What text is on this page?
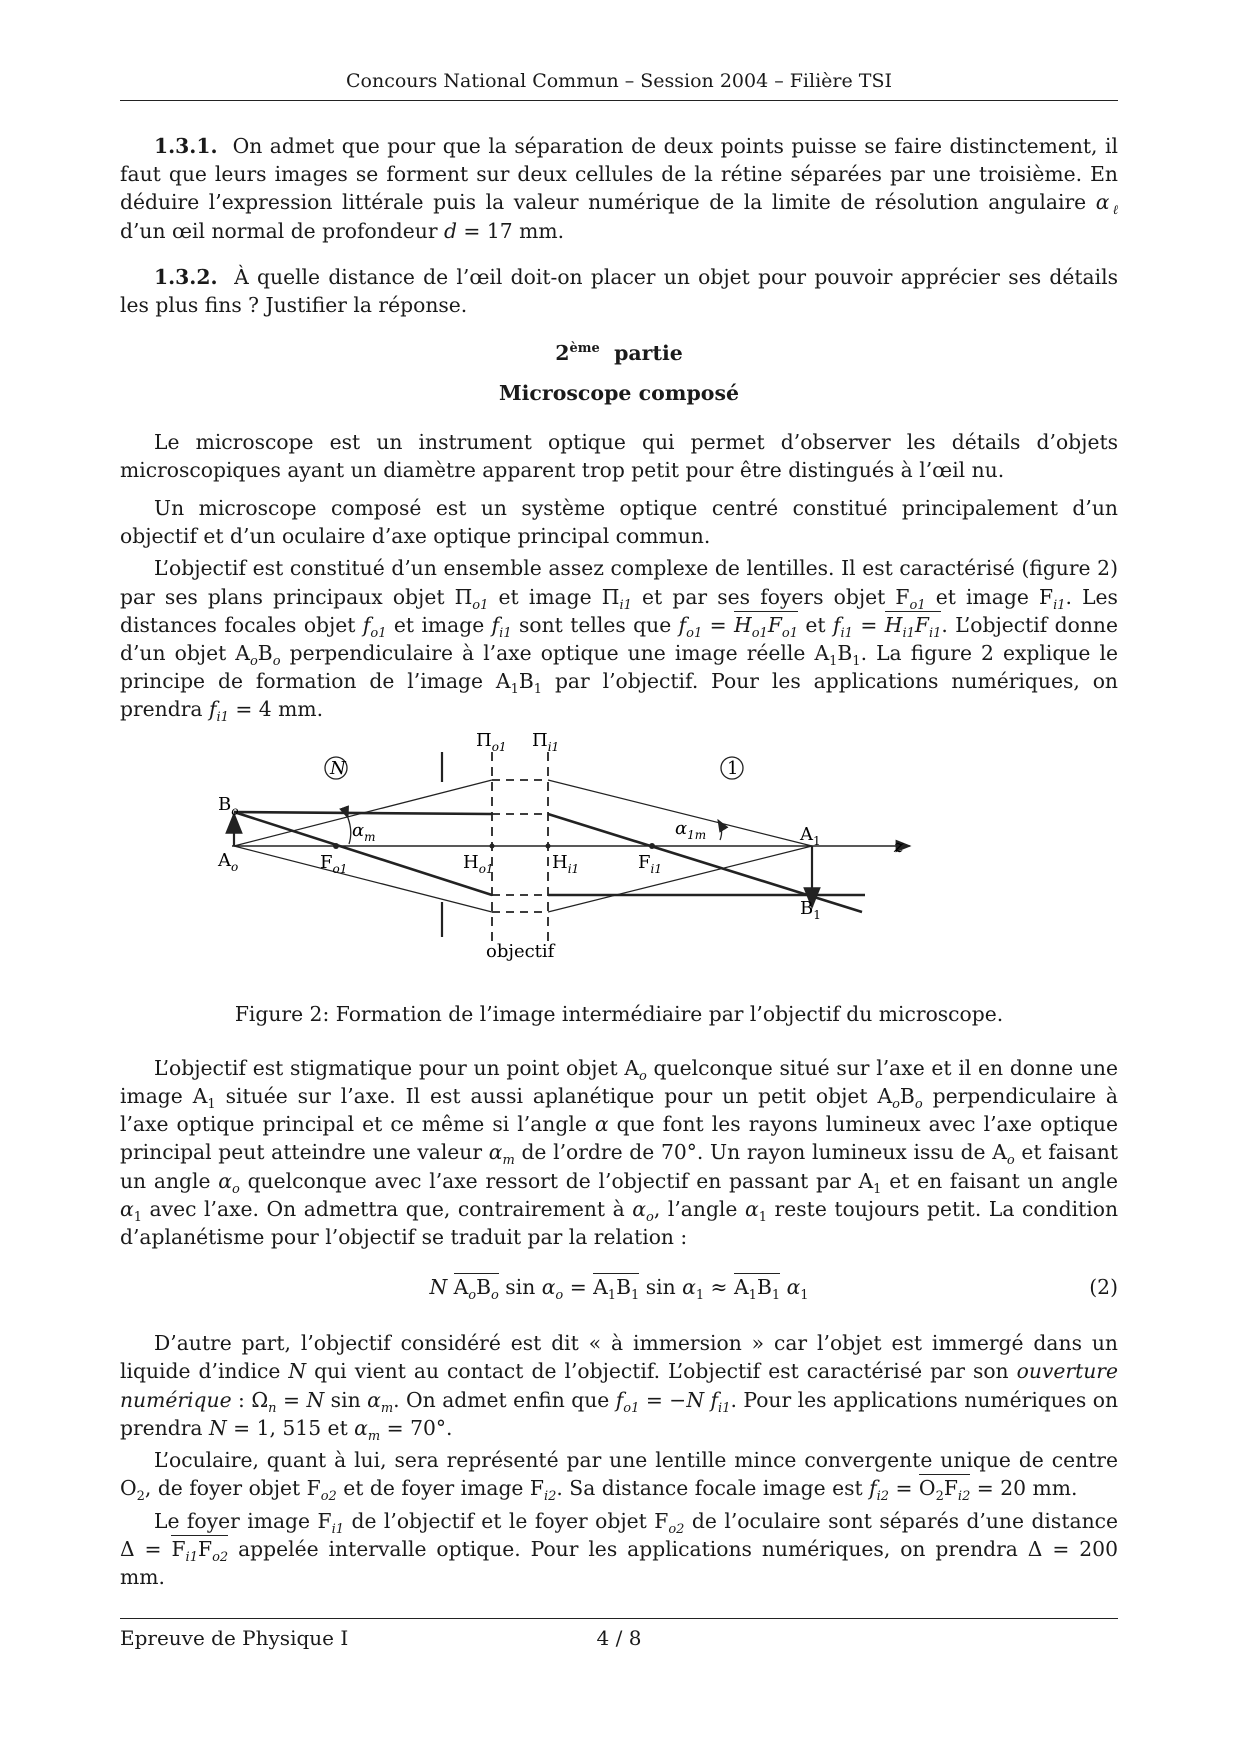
Concours National Commun – Session 2004 – Filière TSI

1.3.1. On admet que pour que la séparation de deux points puisse se faire distinctement, il faut que leurs images se forment sur deux cellules de la rétine séparées par une troisième. En déduire l’expression littérale puis la valeur numérique de la limite de résolution angulaire $\alpha_\ell$ d’un œil normal de profondeur d = 17 mm.

1.3.2. À quelle distance de l’œil doit-on placer un objet pour pouvoir apprécier ses détails les plus fins ? Justifier la réponse.

2ème partie
Microscope composé

Le microscope est un instrument optique qui permet d’observer les détails d’objets microscopiques ayant un diamètre apparent trop petit pour être distingués à l’œil nu.

Un microscope composé est un système optique centré constitué principalement d’un objectif et d’un oculaire d’axe optique principal commun.

L’objectif est constitué d’un ensemble assez complexe de lentilles. Il est caractérisé (figure 2) par ses plans principaux objet $\Pi_{o1}$ et image $\Pi_{i1}$ et par ses foyers objet $F_{o1}$ et image $F_{i1}$. Les distances focales objet $f_{o1}$ et image $f_{i1}$ sont telles que $f_{o1} = H_{o1}F_{o1}$ et $f_{i1} = H_{i1}F_{i1}$. L’objectif donne d’un objet $A_oB_o$ perpendiculaire à l’axe optique une image réelle $A_1B_1$. La figure 2 explique le principe de formation de l’image $A_1B_1$ par l’objectif. Pour les applications numériques, on prendra $f_{i1} = 4$ mm.

N	1
$\Pi_{o1}$ $\Pi_{i1}$
$B_o$
$A_o$
$\alpha_m$
$F_{o1}$	$H_{o1}$	$H_{i1}$	$F_{i1}$
$\alpha_{1m}$	$A_1$
$B_1$
z
objectif

Figure 2: Formation de l’image intermédiaire par l’objectif du microscope.

L’objectif est stigmatique pour un point objet $A_o$ quelconque situé sur l’axe et il en donne une image $A_1$ située sur l’axe. Il est aussi aplanétique pour un petit objet $A_oB_o$ perpendiculaire à l’axe optique principal et ce même si l’angle α que font les rayons lumineux avec l’axe optique principal peut atteindre une valeur $\alpha_m$ de l’ordre de 70°. Un rayon lumineux issu de $A_o$ et faisant un angle $\alpha_o$ quelconque avec l’axe ressort de l’objectif en passant par $A_1$ et en faisant un angle $\alpha_1$ avec l’axe. On admettra que, contrairement à $\alpha_o$, l’angle $\alpha_1$ reste toujours petit. La condition d’aplanétisme pour l’objectif se traduit par la relation :

N $A_oB_o$ $\sin \alpha_o = A_1B_1$ $\sin \alpha_1 \approx A_1B_1$ $\alpha_1$	(2)

D’autre part, l’objectif considéré est dit « à immersion » car l’objet est immergé dans un liquide d’indice N qui vient au contact de l’objectif. L’objectif est caractérisé par son ouverture numérique : $\Omega_n = N$ $\sin \alpha_m$. On admet enfin que $f_{o1} = -N$ $f_{i1}$. Pour les applications numériques on prendra N = 1, 515 et $\alpha_m = 70^\circ$.

L’oculaire, quant à lui, sera représenté par une lentille mince convergente unique de centre $O_2$, de foyer objet $F_{o2}$ et de foyer image $F_{i2}$. Sa distance focale image est $f_{i2} = O_2F_{i2} = 20$ mm.

Le foyer image $F_{i1}$ de l’objectif et le foyer objet $F_{o2}$ de l’oculaire sont séparés d’une distance $\Delta = F_{i1}F_{o2}$ appelée intervalle optique. Pour les applications numériques, on prendra Δ = 200 mm.

Epreuve de Physique I	4 / 8
